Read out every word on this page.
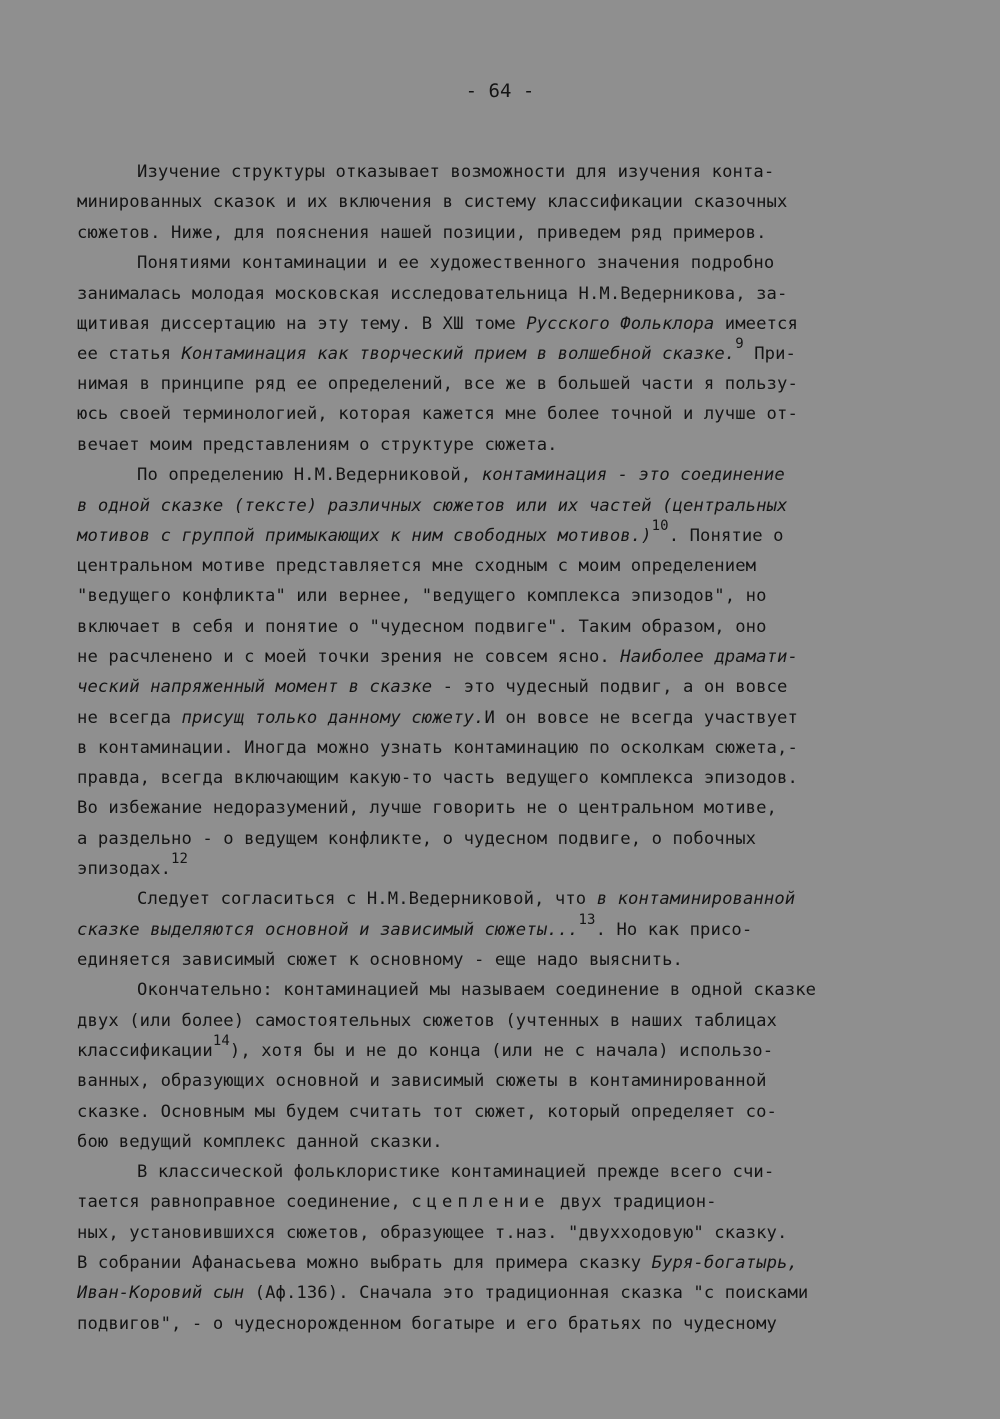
- 64 -
Изучение структуры отказывает возможности для изучения конта-
минированных сказок и их включения в систему классификации сказочных
сюжетов. Ниже, для пояснения нашей позиции, приведем ряд примеров.
Понятиями контаминации и ее художественного значения подробно
занималась молодая московская исследовательница Н.М.Ведерникова, за-
щитивая диссертацию на эту тему. В ХШ томе Русского Фольклора имеется
ее статья Контаминация как творческий прием в волшебной сказке.$^9$ При-
нимая в принципе ряд ее определений, все же в большей части я пользу-
юсь своей терминологией, которая кажется мне более точной и лучше от-
вечает моим представлениям о структуре сюжета.
По определению Н.М.Ведерниковой, контаминация - это соединение
в одной сказке (тексте) различных сюжетов или их частей (центральных
мотивов с группой примыкающих к ним свободных мотивов.)$^{10}$. Понятие о
центральном мотиве представляется мне сходным с моим определением
"ведущего конфликта" или вернее, "ведущего комплекса эпизодов", но
включает в себя и понятие о "чудесном подвиге". Таким образом, оно
не расчленено и с моей точки зрения не совсем ясно. Наиболее драмати-
ческий напряженный момент в сказке - это чудесный подвиг, а он вовсе
не всегда присущ только данному сюжету.И он вовсе не всегда участвует
в контаминации. Иногда можно узнать контаминацию по осколкам сюжета,-
правда, всегда включающим какую-то часть ведущего комплекса эпизодов.
Во избежание недоразумений, лучше говорить не о центральном мотиве,
а раздельно - о ведущем конфликте, о чудесном подвиге, о побочных
эпизодах.$^{12}$
Следует согласиться с Н.М.Ведерниковой, что в контаминированной
сказке выделяются основной и зависимый сюжеты...$^{13}$. Но как присо-
единяется зависимый сюжет к основному - еще надо выяснить.
Окончательно: контаминацией мы называем соединение в одной сказке
двух (или более) самостоятельных сюжетов (учтенных в наших таблицах
классификации$^{14}$), хотя бы и не до конца (или не с начала) использо-
ванных, образующих основной и зависимый сюжеты в контаминированной
сказке. Основным мы будем считать тот сюжет, который определяет со-
бою ведущий комплекс данной сказки.
В классической фольклористике контаминацией прежде всего счи-
тается равноправное соединение, сцепление двух традицион-
ных, установившихся сюжетов, образующее т.наз. "двухходовую" сказку.
В собрании Афанасьева можно выбрать для примера сказку Буря-богатырь,
Иван-Коровий сын (Аф.136). Сначала это традиционная сказка "с поисками
подвигов", - о чудеснорожденном богатыре и его братьях по чудесному
